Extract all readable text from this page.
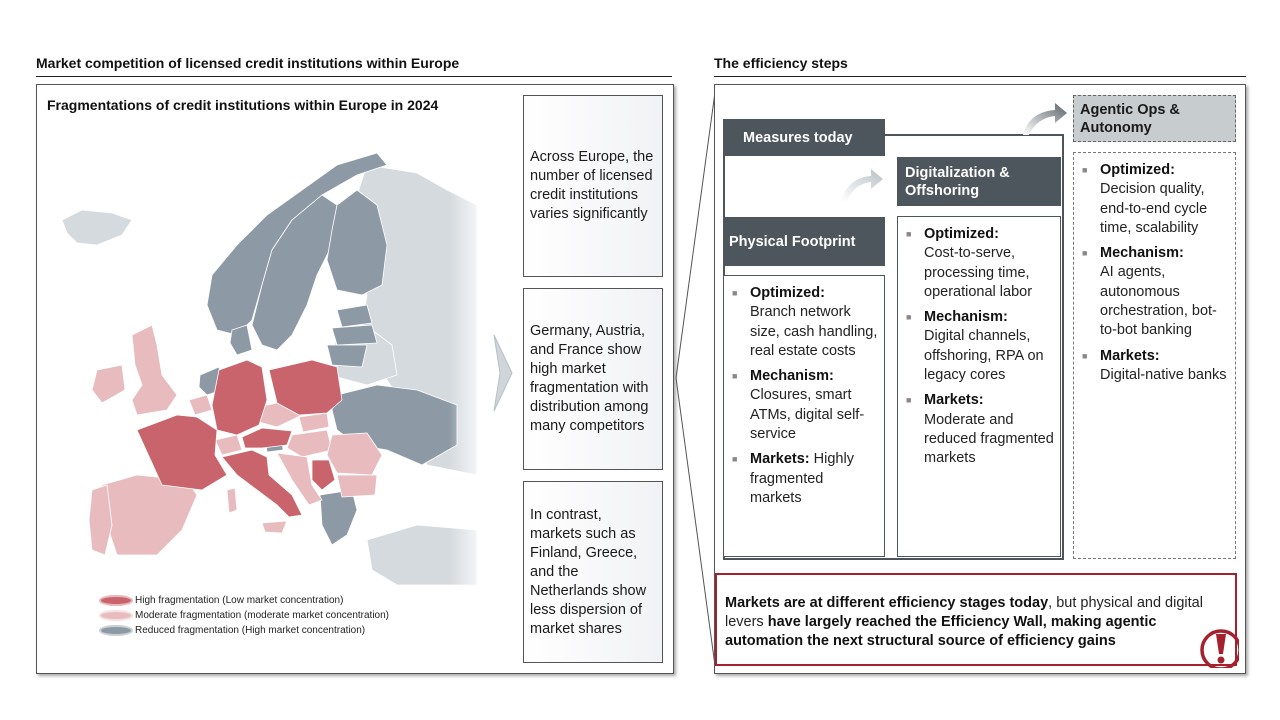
Market competition of licensed credit institutions within Europe	The efficiency steps
Fragmentations of credit institutions within Europe in 2024
High fragmentation (Low market concentration)
Moderate fragmentation (moderate market concentration)
Reduced fragmentation (High market concentration)
Across Europe, the number of licensed credit institutions varies significantly
Germany, Austria, and France show high market fragmentation with distribution among many competitors
In contrast, markets such as Finland, Greece, and the Netherlands show less dispersion of market shares
Measures today
Physical Footprint
■ Optimized:
Branch network size, cash handling, real estate costs
■ Mechanism:
Closures, smart ATMs, digital self-service
■ Markets: Highly fragmented markets
Digitalization & Offshoring
■ Optimized:
Cost-to-serve, processing time, operational labor
■ Mechanism:
Digital channels, offshoring, RPA on legacy cores
■ Markets:
Moderate and reduced fragmented markets
Agentic Ops & Autonomy
■ Optimized:
Decision quality, end-to-end cycle time, scalability
■ Mechanism:
AI agents, autonomous orchestration, bot-to-bot banking
■ Markets:
Digital-native banks
Markets are at different efficiency stages today, but physical and digital levers have largely reached the Efficiency Wall, making agentic automation the next structural source of efficiency gains
